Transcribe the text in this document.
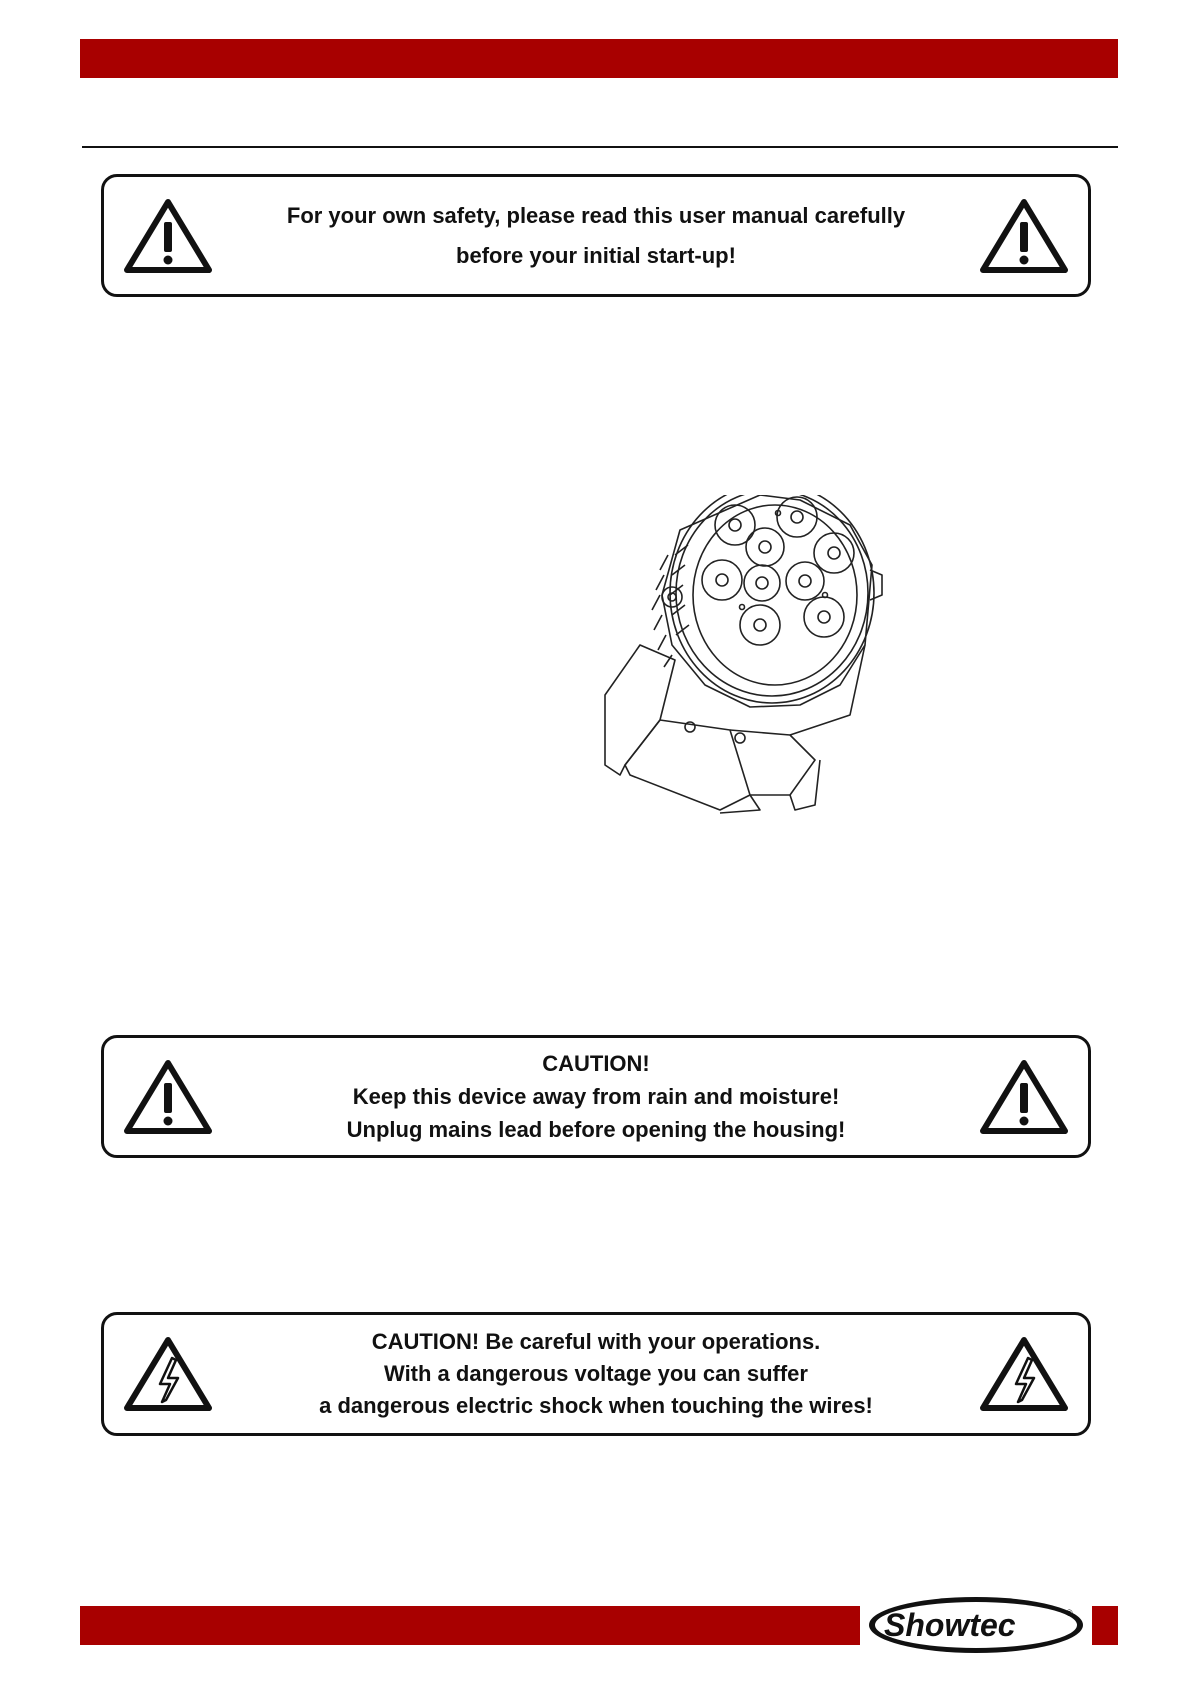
For your own safety, please read this user manual carefully
before your initial start-up!
CAUTION!
Keep this device away from rain and moisture!
Unplug mains lead before opening the housing!
CAUTION! Be careful with your operations.
With a dangerous voltage you can suffer
a dangerous electric shock when touching the wires!
Showtec	®
